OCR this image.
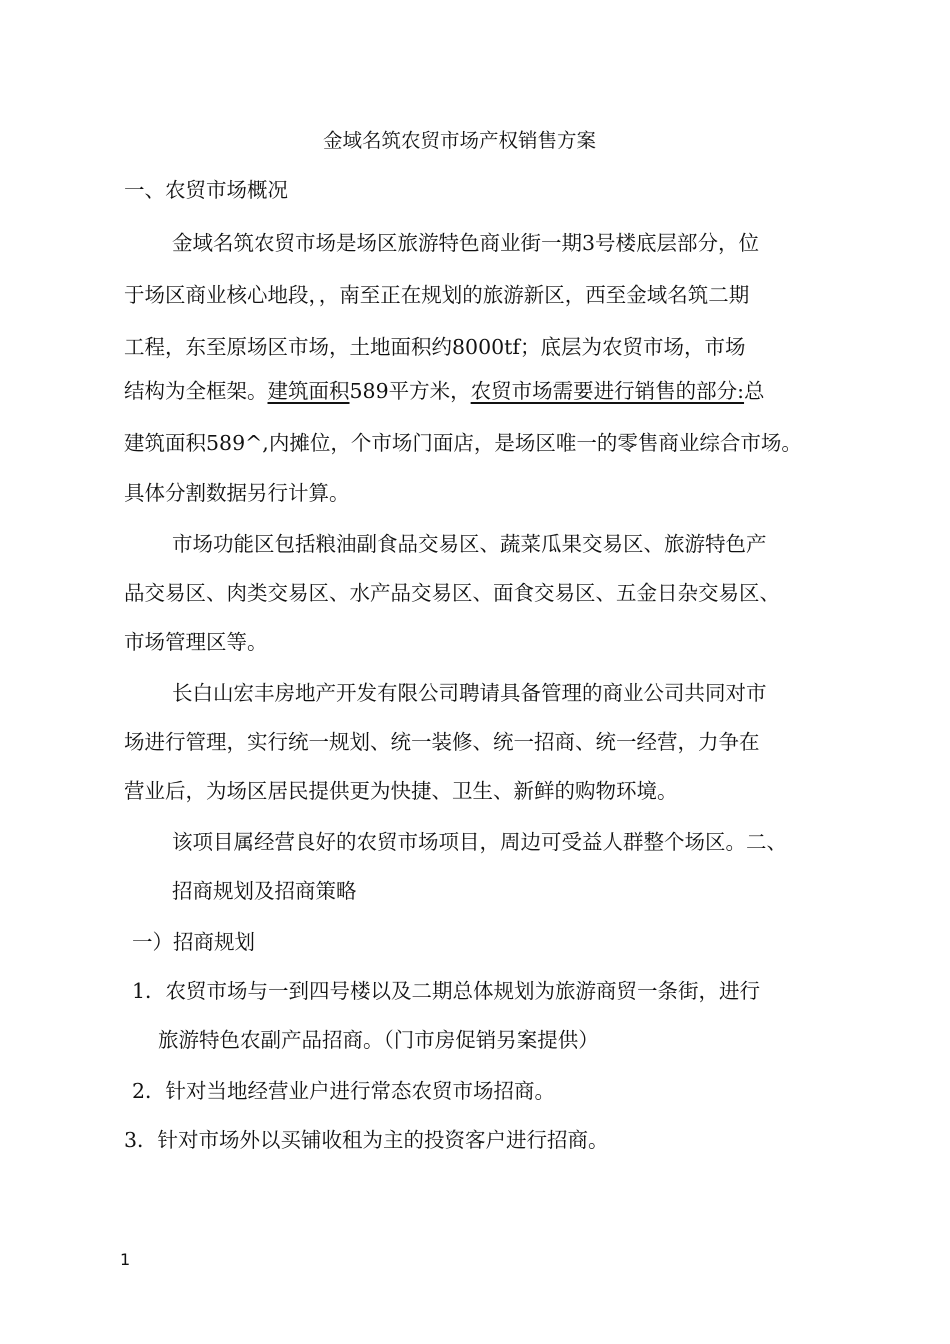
金域名筑农贸市场产权销售方案
一、农贸市场概况
金域名筑农贸市场是场区旅游特色商业街一期3号楼底层部分，位
于场区商业核心地段，，南至正在规划的旅游新区，西至金域名筑二期
工程，东至原场区市场，土地面积约8000tf；底层为农贸市场，市场
结构为全框架。建筑面积589平方米，农贸市场需要进行销售的部分:总
建筑面积589^,内摊位，个市场门面店，是场区唯一的零售商业综合市场。
具体分割数据另行计算。
市场功能区包括粮油副食品交易区、蔬菜瓜果交易区、旅游特色产
品交易区、肉类交易区、水产品交易区、面食交易区、五金日杂交易区、
市场管理区等。
长白山宏丰房地产开发有限公司聘请具备管理的商业公司共同对市
场进行管理，实行统一规划、统一装修、统一招商、统一经营，力争在
营业后，为场区居民提供更为快捷、卫生、新鲜的购物环境。
该项目属经营良好的农贸市场项目，周边可受益人群整个场区。二、
招商规划及招商策略
一）招商规划
1．农贸市场与一到四号楼以及二期总体规划为旅游商贸一条街，进行
旅游特色农副产品招商。（门市房促销另案提供）
2．针对当地经营业户进行常态农贸市场招商。
3．针对市场外以买铺收租为主的投资客户进行招商。
1
